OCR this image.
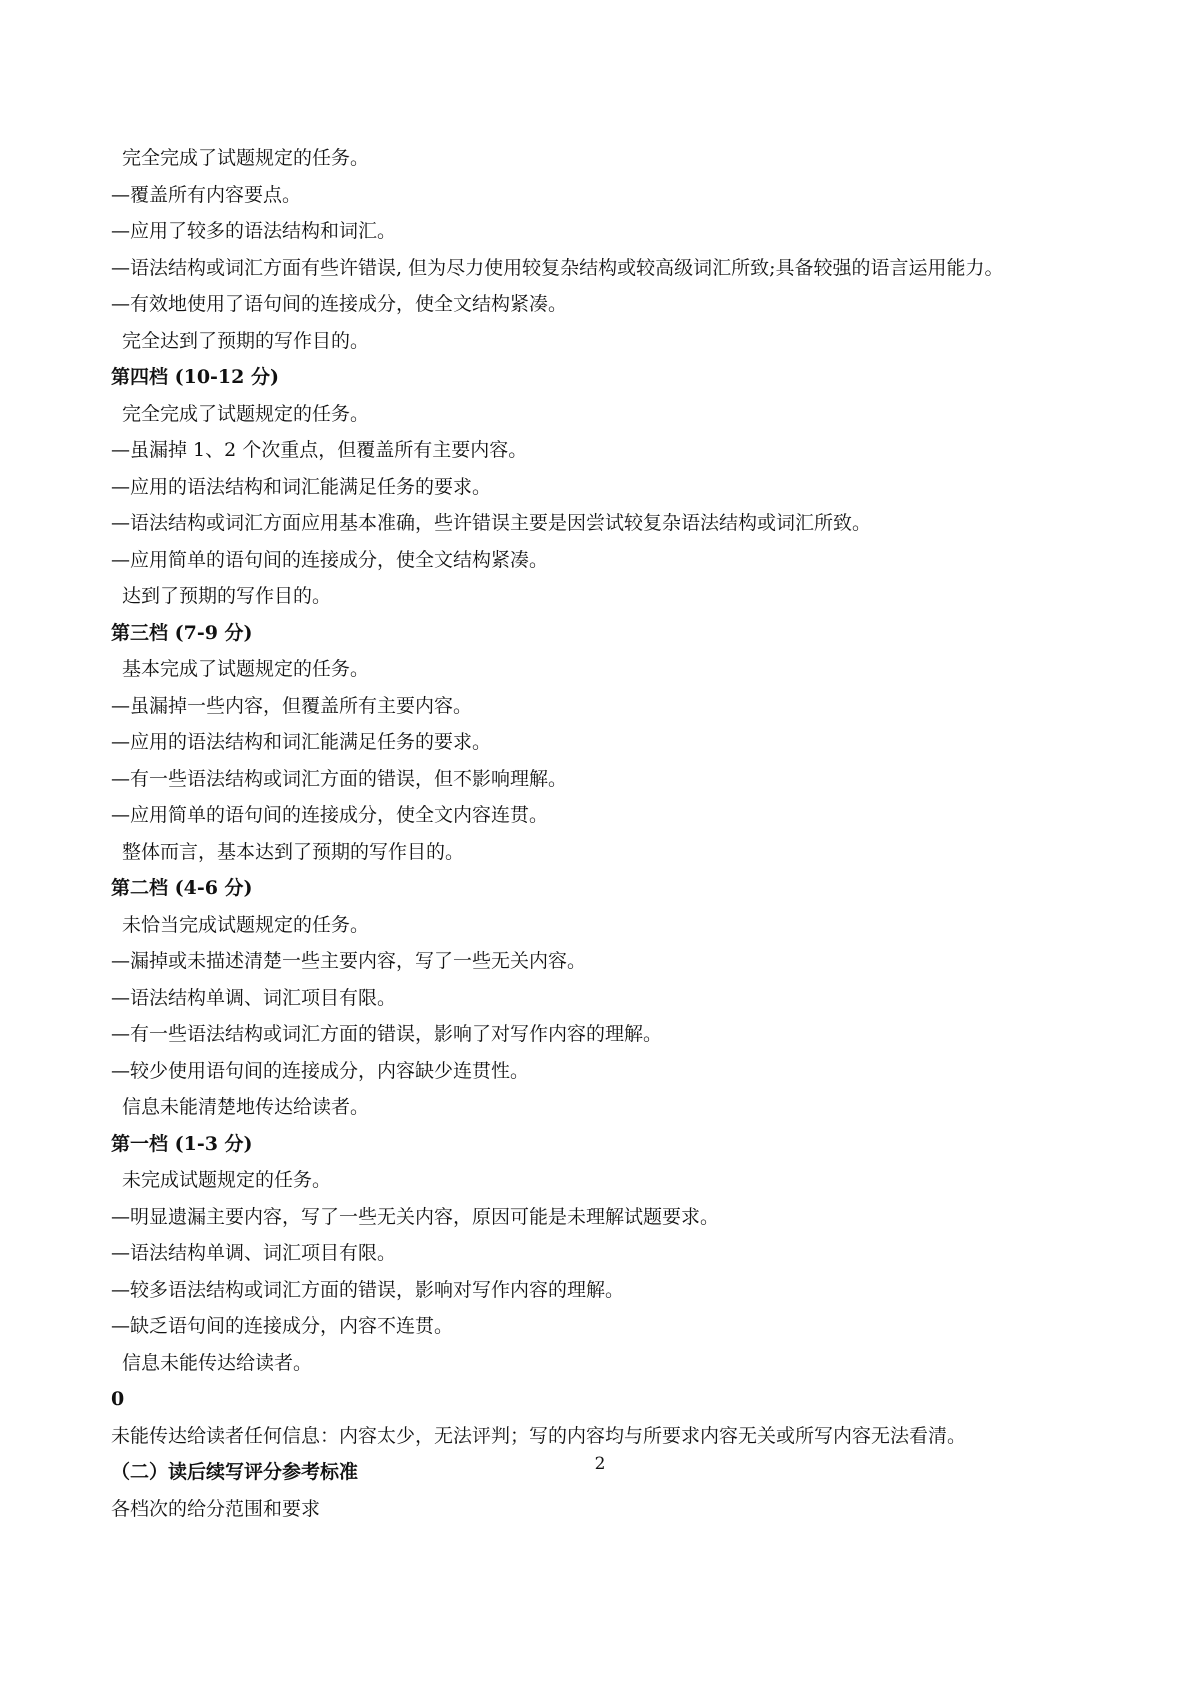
完全完成了试题规定的任务。
—覆盖所有内容要点。
—应用了较多的语法结构和词汇。
—语法结构或词汇方面有些许错误, 但为尽力使用较复杂结构或较高级词汇所致;具备较强的语言运用能力。
—有效地使用了语句间的连接成分，使全文结构紧凑。
完全达到了预期的写作目的。
第四档 (10-12 分)
完全完成了试题规定的任务。
—虽漏掉 1、2 个次重点，但覆盖所有主要内容。
—应用的语法结构和词汇能满足任务的要求。
—语法结构或词汇方面应用基本准确，些许错误主要是因尝试较复杂语法结构或词汇所致。
—应用简单的语句间的连接成分，使全文结构紧凑。
达到了预期的写作目的。
第三档 (7-9 分)
基本完成了试题规定的任务。
—虽漏掉一些内容，但覆盖所有主要内容。
—应用的语法结构和词汇能满足任务的要求。
—有一些语法结构或词汇方面的错误，但不影响理解。
—应用简单的语句间的连接成分，使全文内容连贯。
整体而言，基本达到了预期的写作目的。
第二档 (4-6 分)
未恰当完成试题规定的任务。
—漏掉或未描述清楚一些主要内容，写了一些无关内容。
—语法结构单调、词汇项目有限。
—有一些语法结构或词汇方面的错误，影响了对写作内容的理解。
—较少使用语句间的连接成分，内容缺少连贯性。
信息未能清楚地传达给读者。
第一档 (1-3 分)
未完成试题规定的任务。
—明显遗漏主要内容，写了一些无关内容，原因可能是未理解试题要求。
—语法结构单调、词汇项目有限。
—较多语法结构或词汇方面的错误，影响对写作内容的理解。
—缺乏语句间的连接成分，内容不连贯。
信息未能传达给读者。
0
未能传达给读者任何信息：内容太少，无法评判；写的内容均与所要求内容无关或所写内容无法看清。
（二）读后续写评分参考标准
各档次的给分范围和要求
2
